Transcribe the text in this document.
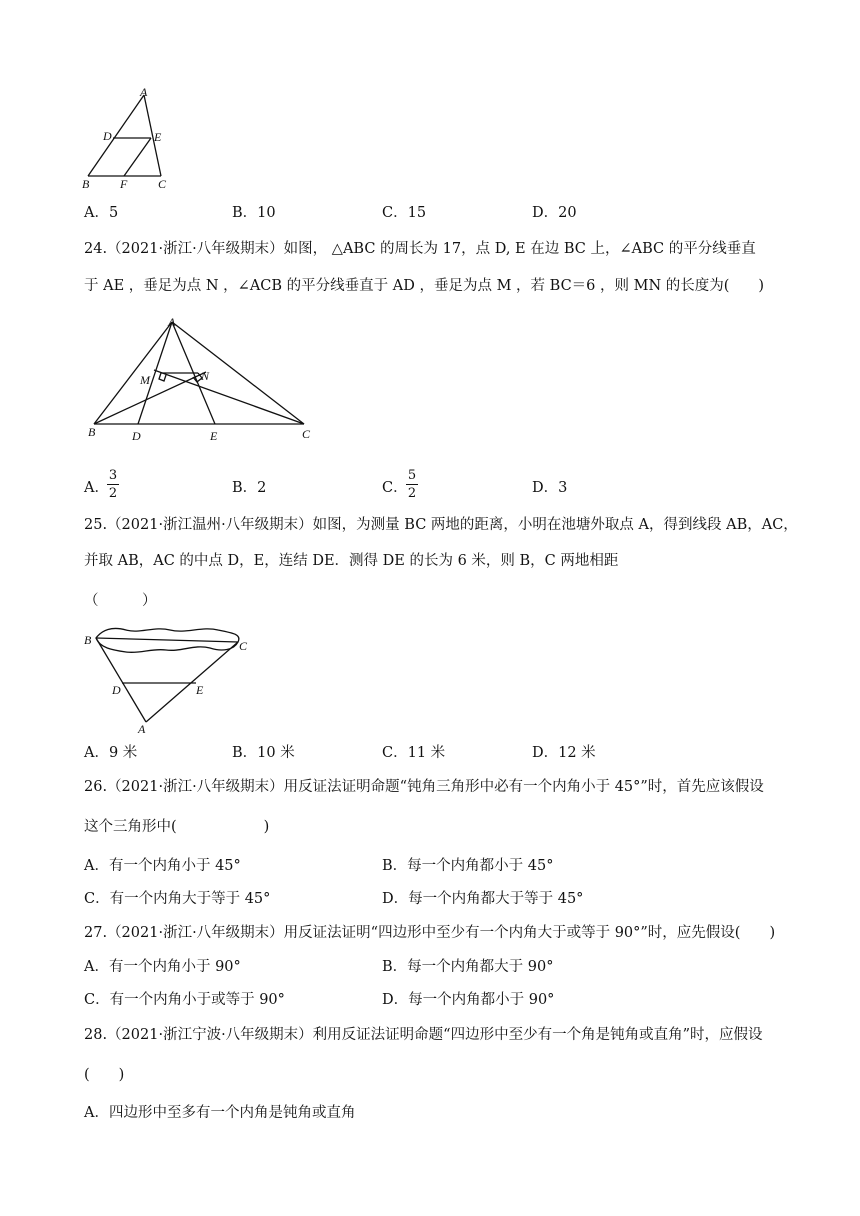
A
D	E
B	F	C
A．5	B．10	C．15	D．20
24.（2021·浙江·八年级期末）如图， △ABC 的周长为 17，点 D, E 在边 BC 上，∠ABC 的平分线垂直
于 AE ，垂足为点 N ，∠ACB 的平分线垂直于 AD ，垂足为点 M ，若 BC＝6 ，则 MN 的长度为(　　)
A
M	N
B	D	E	C
A．
3
2	B．2	C．
5
2	D．3
25.（2021·浙江温州·八年级期末）如图，为测量 BC 两地的距离，小明在池塘外取点 A，得到线段 AB，AC，
并取 AB，AC 的中点 D，E，连结 DE．测得 DE 的长为 6 米，则 B，C 两地相距
（　　　）
B	C
D	E
A
A．9 米	B．10 米	C．11 米	D．12 米
26.（2021·浙江·八年级期末）用反证法证明命题“钝角三角形中必有一个内角小于 45°”时，首先应该假设
这个三角形中(　　　　　　)
A．有一个内角小于 45°	B．每一个内角都小于 45°
C．有一个内角大于等于 45°	D．每一个内角都大于等于 45°
27.（2021·浙江·八年级期末）用反证法证明“四边形中至少有一个内角大于或等于 90°”时，应先假设(　　)
A．有一个内角小于 90°	B．每一个内角都大于 90°
C．有一个内角小于或等于 90°	D．每一个内角都小于 90°
28.（2021·浙江宁波·八年级期末）利用反证法证明命题“四边形中至少有一个角是钝角或直角”时，应假设
(　　)
A．四边形中至多有一个内角是钝角或直角
